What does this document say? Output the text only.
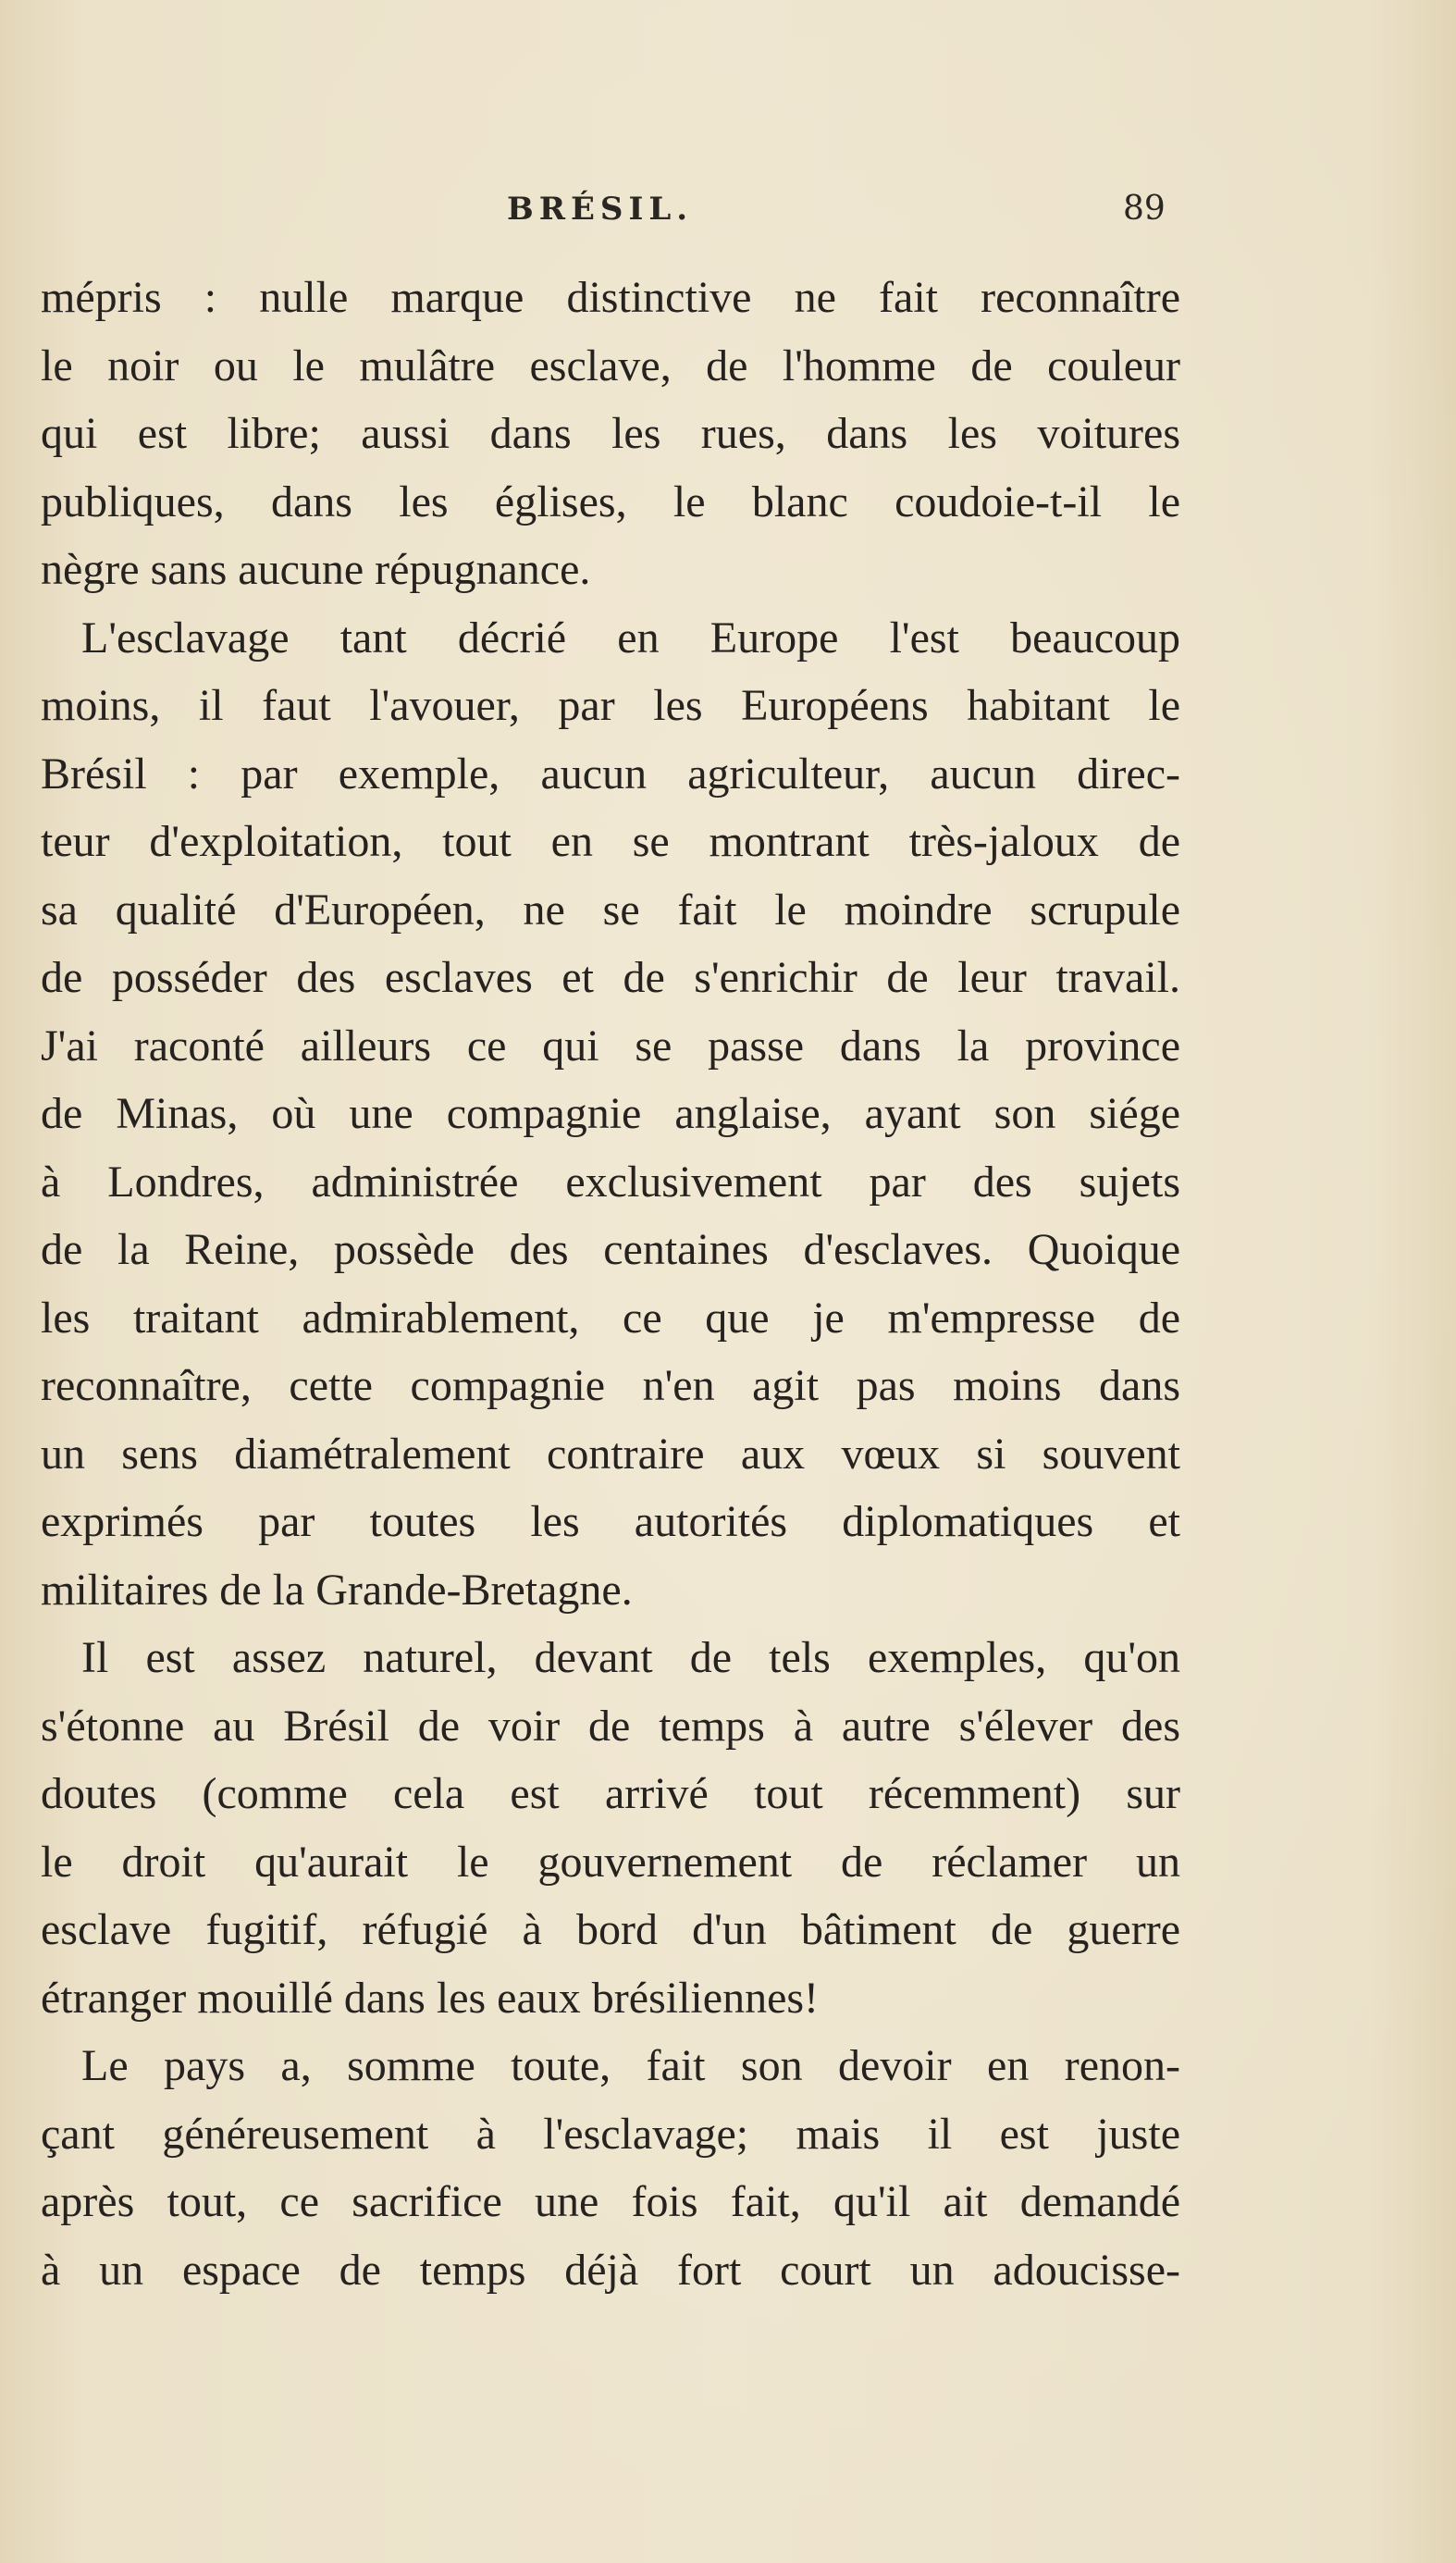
BRÉSIL.	89
mépris : nulle marque distinctive ne fait reconnaître
le noir ou le mulâtre esclave, de l'homme de couleur
qui est libre; aussi dans les rues, dans les voitures
publiques, dans les églises, le blanc coudoie-t-il le
nègre sans aucune répugnance.
L'esclavage tant décrié en Europe l'est beaucoup
moins, il faut l'avouer, par les Européens habitant le
Brésil : par exemple, aucun agriculteur, aucun direc-
teur d'exploitation, tout en se montrant très-jaloux de
sa qualité d'Européen, ne se fait le moindre scrupule
de posséder des esclaves et de s'enrichir de leur travail.
J'ai raconté ailleurs ce qui se passe dans la province
de Minas, où une compagnie anglaise, ayant son siége
à Londres, administrée exclusivement par des sujets
de la Reine, possède des centaines d'esclaves. Quoique
les traitant admirablement, ce que je m'empresse de
reconnaître, cette compagnie n'en agit pas moins dans
un sens diamétralement contraire aux vœux si souvent
exprimés par toutes les autorités diplomatiques et
militaires de la Grande-Bretagne.
Il est assez naturel, devant de tels exemples, qu'on
s'étonne au Brésil de voir de temps à autre s'élever des
doutes (comme cela est arrivé tout récemment) sur
le droit qu'aurait le gouvernement de réclamer un
esclave fugitif, réfugié à bord d'un bâtiment de guerre
étranger mouillé dans les eaux brésiliennes!
Le pays a, somme toute, fait son devoir en renon-
çant généreusement à l'esclavage; mais il est juste
après tout, ce sacrifice une fois fait, qu'il ait demandé
à un espace de temps déjà fort court un adoucisse-
